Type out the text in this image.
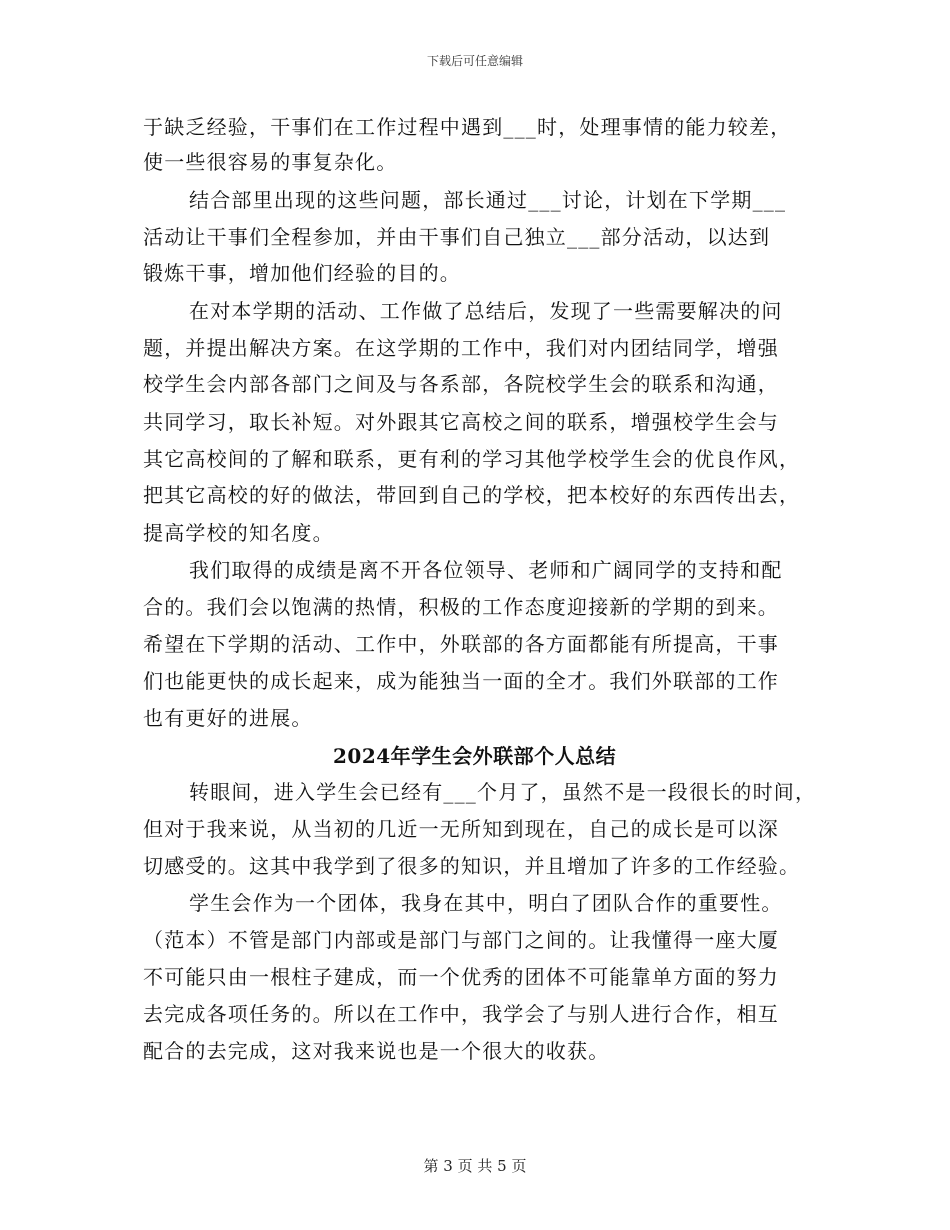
下载后可任意编辑
于缺乏经验，干事们在工作过程中遇到___时，处理事情的能力较差，
使一些很容易的事复杂化。
结合部里出现的这些问题，部长通过___讨论，计划在下学期___
活动让干事们全程参加，并由干事们自己独立___部分活动，以达到
锻炼干事，增加他们经验的目的。
在对本学期的活动、工作做了总结后，发现了一些需要解决的问
题，并提出解决方案。在这学期的工作中，我们对内团结同学，增强
校学生会内部各部门之间及与各系部，各院校学生会的联系和沟通，
共同学习，取长补短。对外跟其它高校之间的联系，增强校学生会与
其它高校间的了解和联系，更有利的学习其他学校学生会的优良作风，
把其它高校的好的做法，带回到自己的学校，把本校好的东西传出去，
提高学校的知名度。
我们取得的成绩是离不开各位领导、老师和广阔同学的支持和配
合的。我们会以饱满的热情，积极的工作态度迎接新的学期的到来。
希望在下学期的活动、工作中，外联部的各方面都能有所提高，干事
们也能更快的成长起来，成为能独当一面的全才。我们外联部的工作
也有更好的进展。
2024年学生会外联部个人总结
转眼间，进入学生会已经有___个月了，虽然不是一段很长的时间，
但对于我来说，从当初的几近一无所知到现在，自己的成长是可以深
切感受的。这其中我学到了很多的知识，并且增加了许多的工作经验。
学生会作为一个团体，我身在其中，明白了团队合作的重要性。
（范本）不管是部门内部或是部门与部门之间的。让我懂得一座大厦
不可能只由一根柱子建成，而一个优秀的团体不可能靠单方面的努力
去完成各项任务的。所以在工作中，我学会了与别人进行合作，相互
配合的去完成，这对我来说也是一个很大的收获。
第 3 页 共 5 页
